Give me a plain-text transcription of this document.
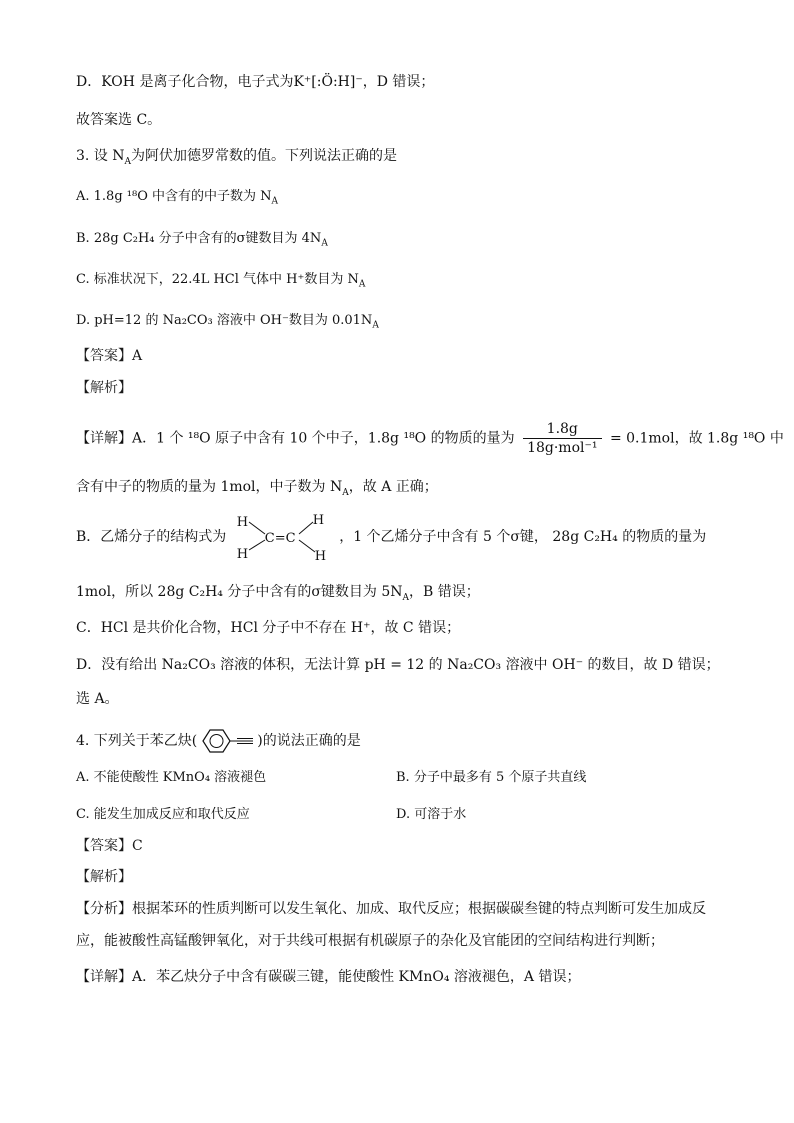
D．KOH 是离子化合物，电子式为K⁺[:Ö:H]⁻，D 错误；
故答案选 C。
3. 设 $N_A$为阿伏加德罗常数的值。下列说法正确的是
A. 1.8g ¹⁸O 中含有的中子数为 $N_A$
B. 28g C₂H₄ 分子中含有的σ键数目为 $4N_A$
C. 标准状况下，22.4L HCl 气体中 H⁺数目为 $N_A$
D. pH=12 的 Na₂CO₃ 溶液中 OH⁻数目为 $0.01N_A$
【答案】A
【解析】
【详解】A．1 个 ¹⁸O 原子中含有 10 个中子，1.8g ¹⁸O 的物质的量为 $\frac{1.8g}{\text{18g·mol⁻¹}} = 0.1mol$，故 1.8g ¹⁸O 中
含有中子的物质的量为 1mol，中子数为 $N_A$，故 A 正确；
B．乙烯分子的结构式为
H
H
C=C
H
H
，1 个乙烯分子中含有 5 个σ键， 28g C₂H₄ 的物质的量为
1mol，所以 28g C₂H₄ 分子中含有的σ键数目为 $5N_A$，B 错误；
C．HCl 是共价化合物，HCl 分子中不存在 H⁺，故 C 错误；
D．没有给出 Na₂CO₃ 溶液的体积，无法计算 pH = 12 的 Na₂CO₃ 溶液中 OH⁻ 的数目，故 D 错误；
选 A。
4. 下列关于苯乙炔(	)的说法正确的是
A. 不能使酸性 KMnO₄ 溶液褪色	B. 分子中最多有 5 个原子共直线
C. 能发生加成反应和取代反应	D. 可溶于水
【答案】C
【解析】
【分析】根据苯环的性质判断可以发生氧化、加成、取代反应；根据碳碳叁键的特点判断可发生加成反
应，能被酸性高锰酸钾氧化，对于共线可根据有机碳原子的杂化及官能团的空间结构进行判断；
【详解】A．苯乙炔分子中含有碳碳三键，能使酸性 KMnO₄ 溶液褪色，A 错误；
